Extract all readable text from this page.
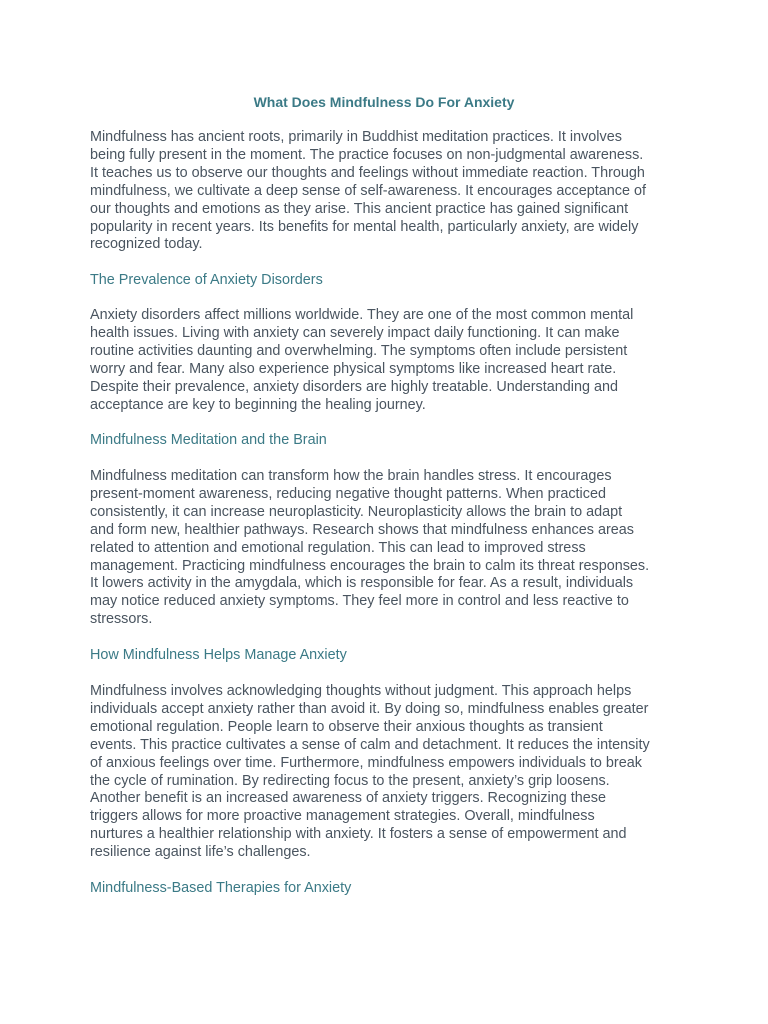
What Does Mindfulness Do For Anxiety

Mindfulness has ancient roots, primarily in Buddhist meditation practices. It involves
being fully present in the moment. The practice focuses on non-judgmental awareness.
It teaches us to observe our thoughts and feelings without immediate reaction. Through
mindfulness, we cultivate a deep sense of self-awareness. It encourages acceptance of
our thoughts and emotions as they arise. This ancient practice has gained significant
popularity in recent years. Its benefits for mental health, particularly anxiety, are widely
recognized today.

The Prevalence of Anxiety Disorders

Anxiety disorders affect millions worldwide. They are one of the most common mental
health issues. Living with anxiety can severely impact daily functioning. It can make
routine activities daunting and overwhelming. The symptoms often include persistent
worry and fear. Many also experience physical symptoms like increased heart rate.
Despite their prevalence, anxiety disorders are highly treatable. Understanding and
acceptance are key to beginning the healing journey.

Mindfulness Meditation and the Brain

Mindfulness meditation can transform how the brain handles stress. It encourages
present-moment awareness, reducing negative thought patterns. When practiced
consistently, it can increase neuroplasticity. Neuroplasticity allows the brain to adapt
and form new, healthier pathways. Research shows that mindfulness enhances areas
related to attention and emotional regulation. This can lead to improved stress
management. Practicing mindfulness encourages the brain to calm its threat responses.
It lowers activity in the amygdala, which is responsible for fear. As a result, individuals
may notice reduced anxiety symptoms. They feel more in control and less reactive to
stressors.

How Mindfulness Helps Manage Anxiety

Mindfulness involves acknowledging thoughts without judgment. This approach helps
individuals accept anxiety rather than avoid it. By doing so, mindfulness enables greater
emotional regulation. People learn to observe their anxious thoughts as transient
events. This practice cultivates a sense of calm and detachment. It reduces the intensity
of anxious feelings over time. Furthermore, mindfulness empowers individuals to break
the cycle of rumination. By redirecting focus to the present, anxiety’s grip loosens.
Another benefit is an increased awareness of anxiety triggers. Recognizing these
triggers allows for more proactive management strategies. Overall, mindfulness
nurtures a healthier relationship with anxiety. It fosters a sense of empowerment and
resilience against life’s challenges.

Mindfulness-Based Therapies for Anxiety
